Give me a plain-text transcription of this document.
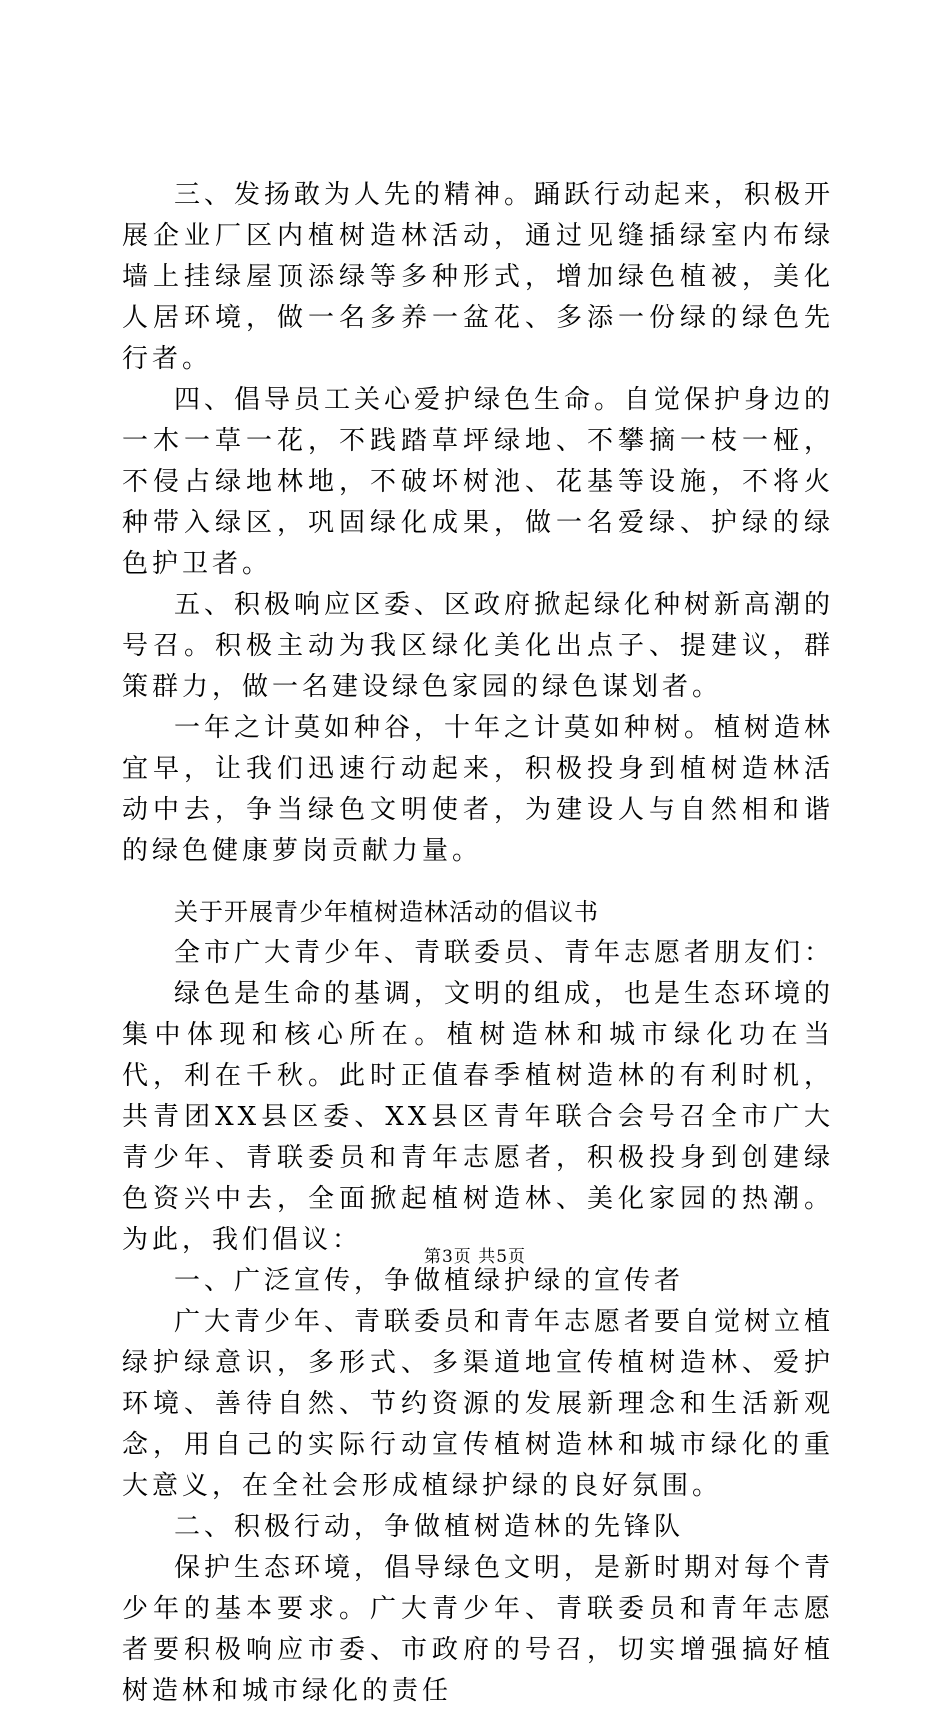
三、发扬敢为人先的精神。踊跃行动起来，积极开展企业厂区内植树造林活动，通过见缝插绿室内布绿墙上挂绿屋顶添绿等多种形式，增加绿色植被，美化人居环境，做一名多养一盆花、多添一份绿的绿色先行者。

四、倡导员工关心爱护绿色生命。自觉保护身边的一木一草一花，不践踏草坪绿地、不攀摘一枝一桠，不侵占绿地林地，不破坏树池、花基等设施，不将火种带入绿区，巩固绿化成果，做一名爱绿、护绿的绿色护卫者。

五、积极响应区委、区政府掀起绿化种树新高潮的号召。积极主动为我区绿化美化出点子、提建议，群策群力，做一名建设绿色家园的绿色谋划者。

一年之计莫如种谷，十年之计莫如种树。植树造林宜早，让我们迅速行动起来，积极投身到植树造林活动中去，争当绿色文明使者，为建设人与自然相和谐的绿色健康萝岗贡献力量。

关于开展青少年植树造林活动的倡议书

全市广大青少年、青联委员、青年志愿者朋友们：

绿色是生命的基调，文明的组成，也是生态环境的集中体现和核心所在。植树造林和城市绿化功在当代，利在千秋。此时正值春季植树造林的有利时机，共青团XX县区委、XX县区青年联合会号召全市广大青少年、青联委员和青年志愿者，积极投身到创建绿色资兴中去，全面掀起植树造林、美化家园的热潮。为此，我们倡议：

一、广泛宣传，争做植绿护绿的宣传者

广大青少年、青联委员和青年志愿者要自觉树立植绿护绿意识，多形式、多渠道地宣传植树造林、爱护环境、善待自然、节约资源的发展新理念和生活新观念，用自己的实际行动宣传植树造林和城市绿化的重大意义，在全社会形成植绿护绿的良好氛围。

二、积极行动，争做植树造林的先锋队

保护生态环境，倡导绿色文明，是新时期对每个青少年的基本要求。广大青少年、青联委员和青年志愿者要积极响应市委、市政府的号召，切实增强搞好植树造林和城市绿化的责任

第3页 共5页
